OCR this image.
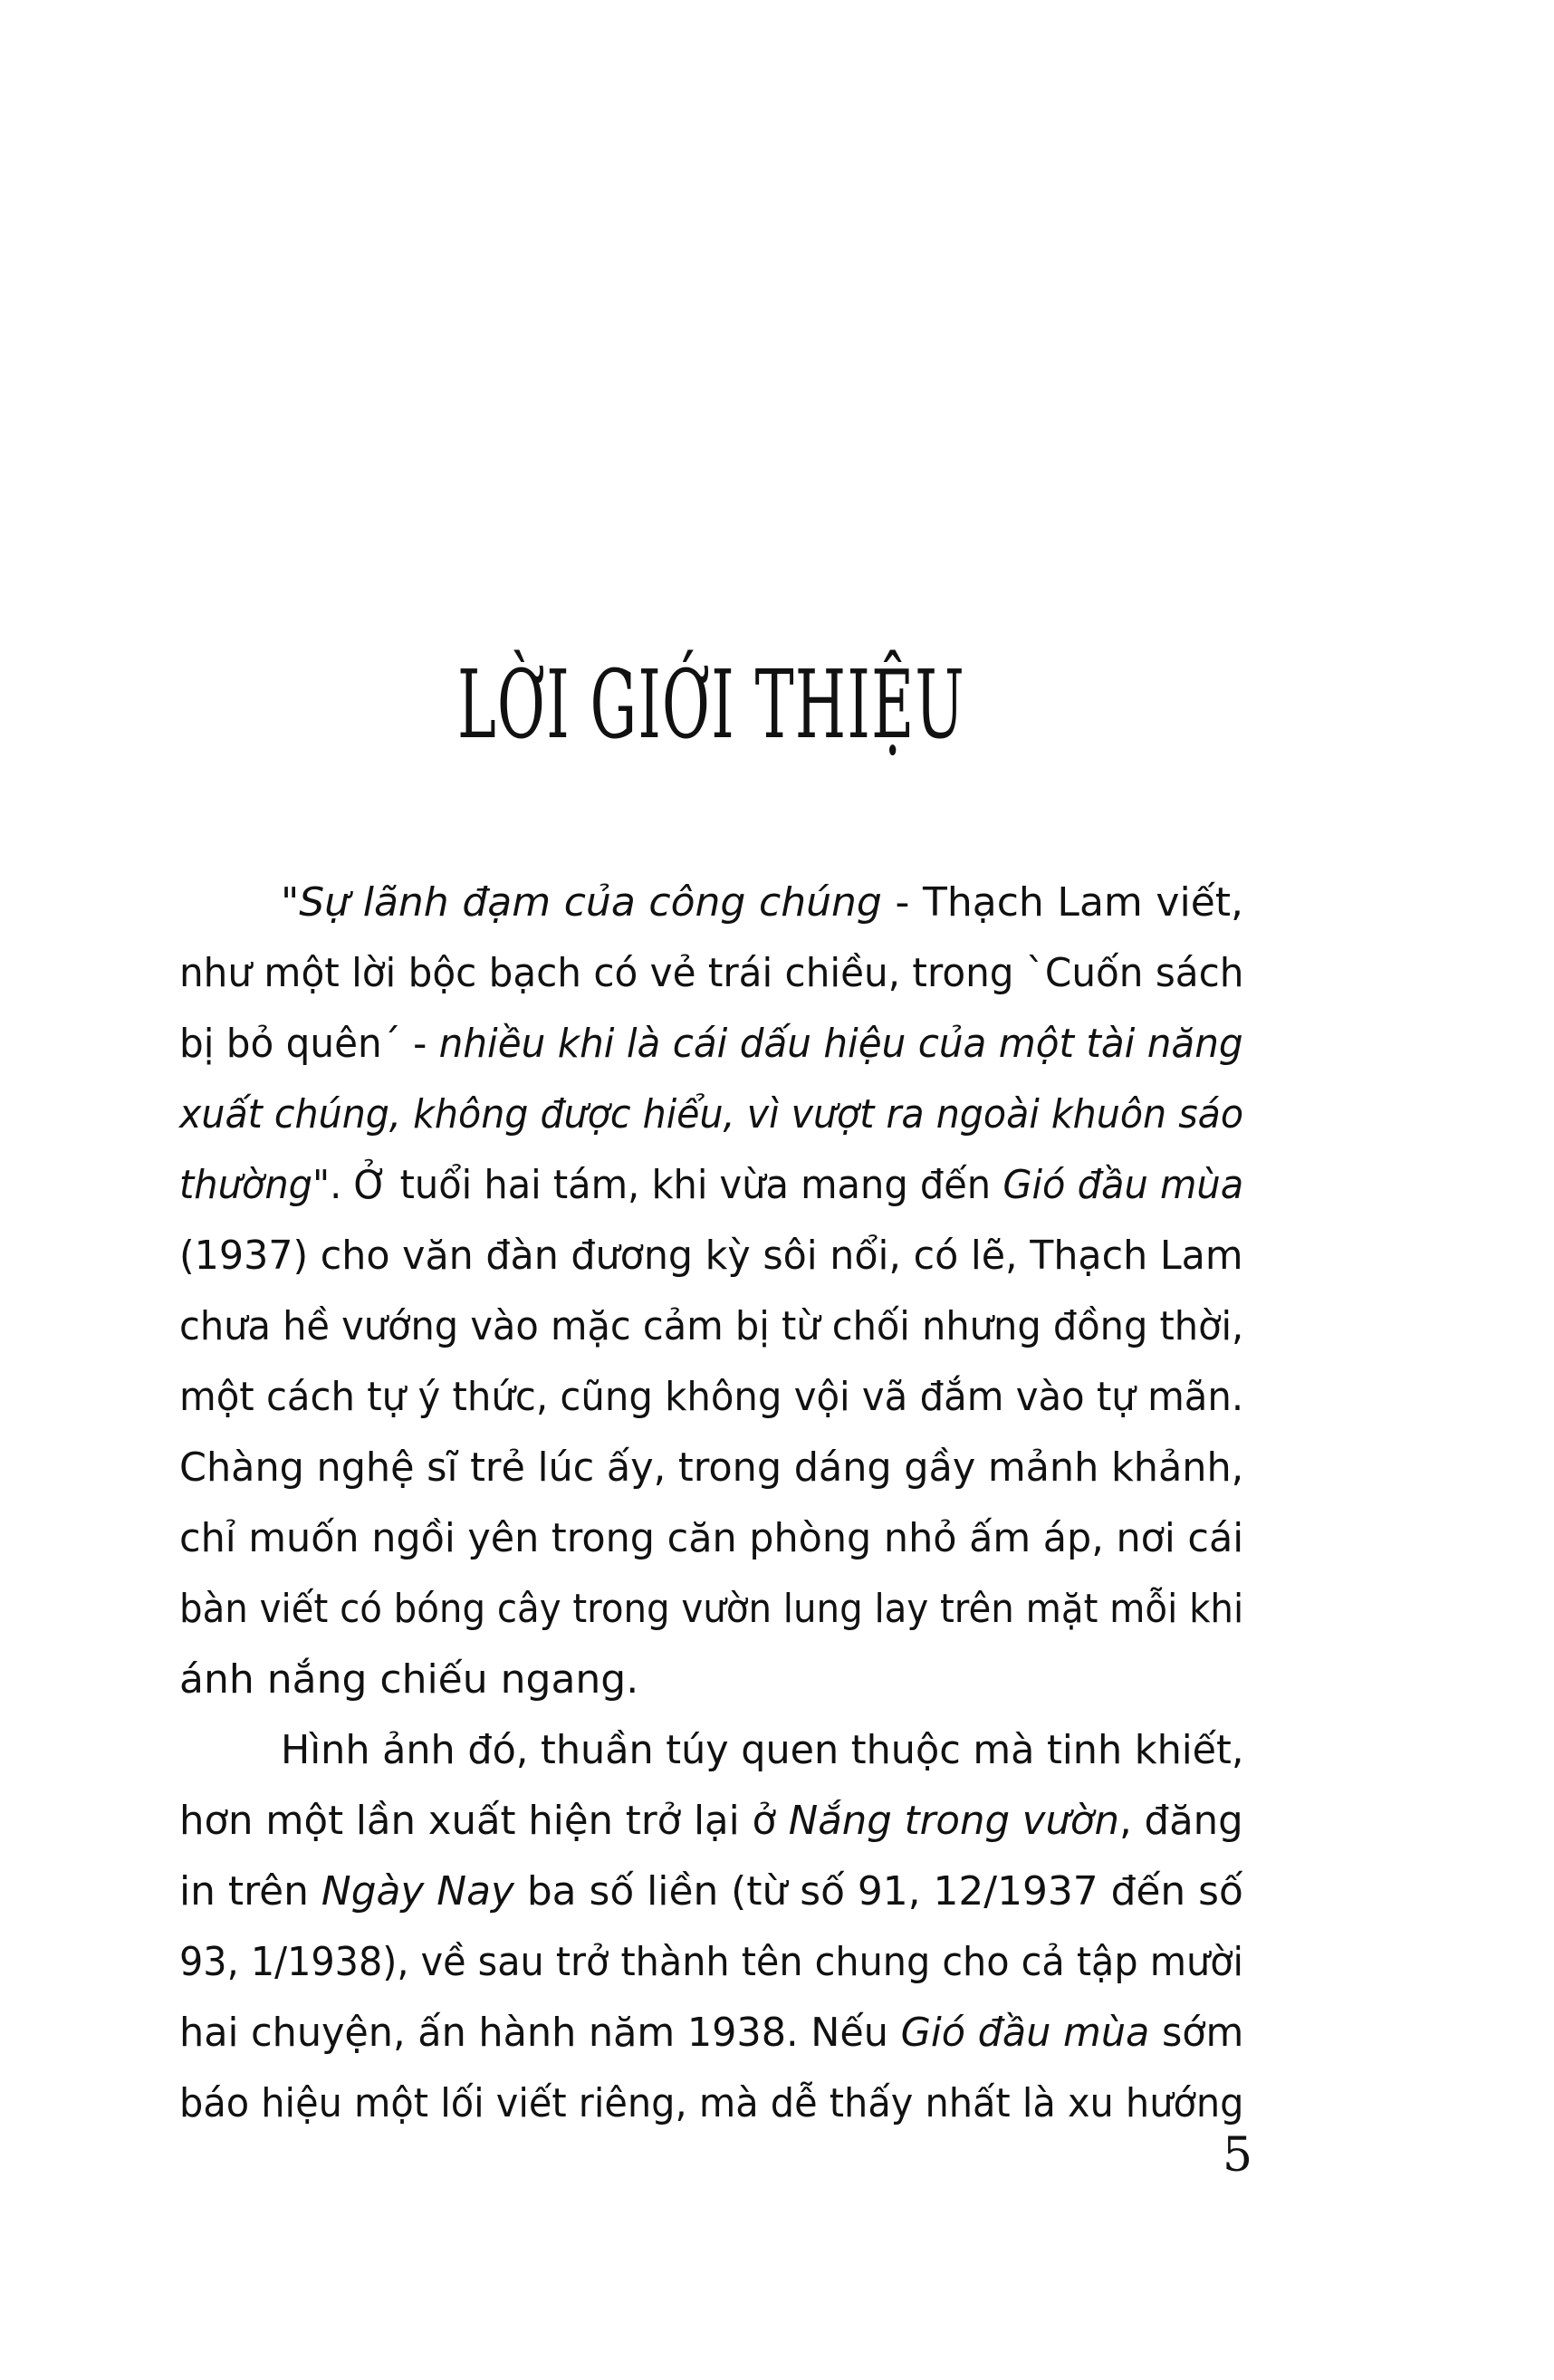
LỜI GIỚI THIỆU
"Sự lãnh đạm của công chúng - Thạch Lam viết,
như một lời bộc bạch có vẻ trái chiều, trong `Cuốn sách
bị bỏ quên´ - nhiều khi là cái dấu hiệu của một tài năng
xuất chúng, không được hiểu, vì vượt ra ngoài khuôn sáo
thường". Ở tuổi hai tám, khi vừa mang đến Gió đầu mùa
(1937) cho văn đàn đương kỳ sôi nổi, có lẽ, Thạch Lam
chưa hề vướng vào mặc cảm bị từ chối nhưng đồng thời,
một cách tự ý thức, cũng không vội vã đắm vào tự mãn.
Chàng nghệ sĩ trẻ lúc ấy, trong dáng gầy mảnh khảnh,
chỉ muốn ngồi yên trong căn phòng nhỏ ấm áp, nơi cái
bàn viết có bóng cây trong vườn lung lay trên mặt mỗi khi
ánh nắng chiếu ngang.
Hình ảnh đó, thuần túy quen thuộc mà tinh khiết,
hơn một lần xuất hiện trở lại ở Nắng trong vườn, đăng
in trên Ngày Nay ba số liền (từ số 91, 12/1937 đến số
93, 1/1938), về sau trở thành tên chung cho cả tập mười
hai chuyện, ấn hành năm 1938. Nếu Gió đầu mùa sớm
báo hiệu một lối viết riêng, mà dễ thấy nhất là xu hướng
5
